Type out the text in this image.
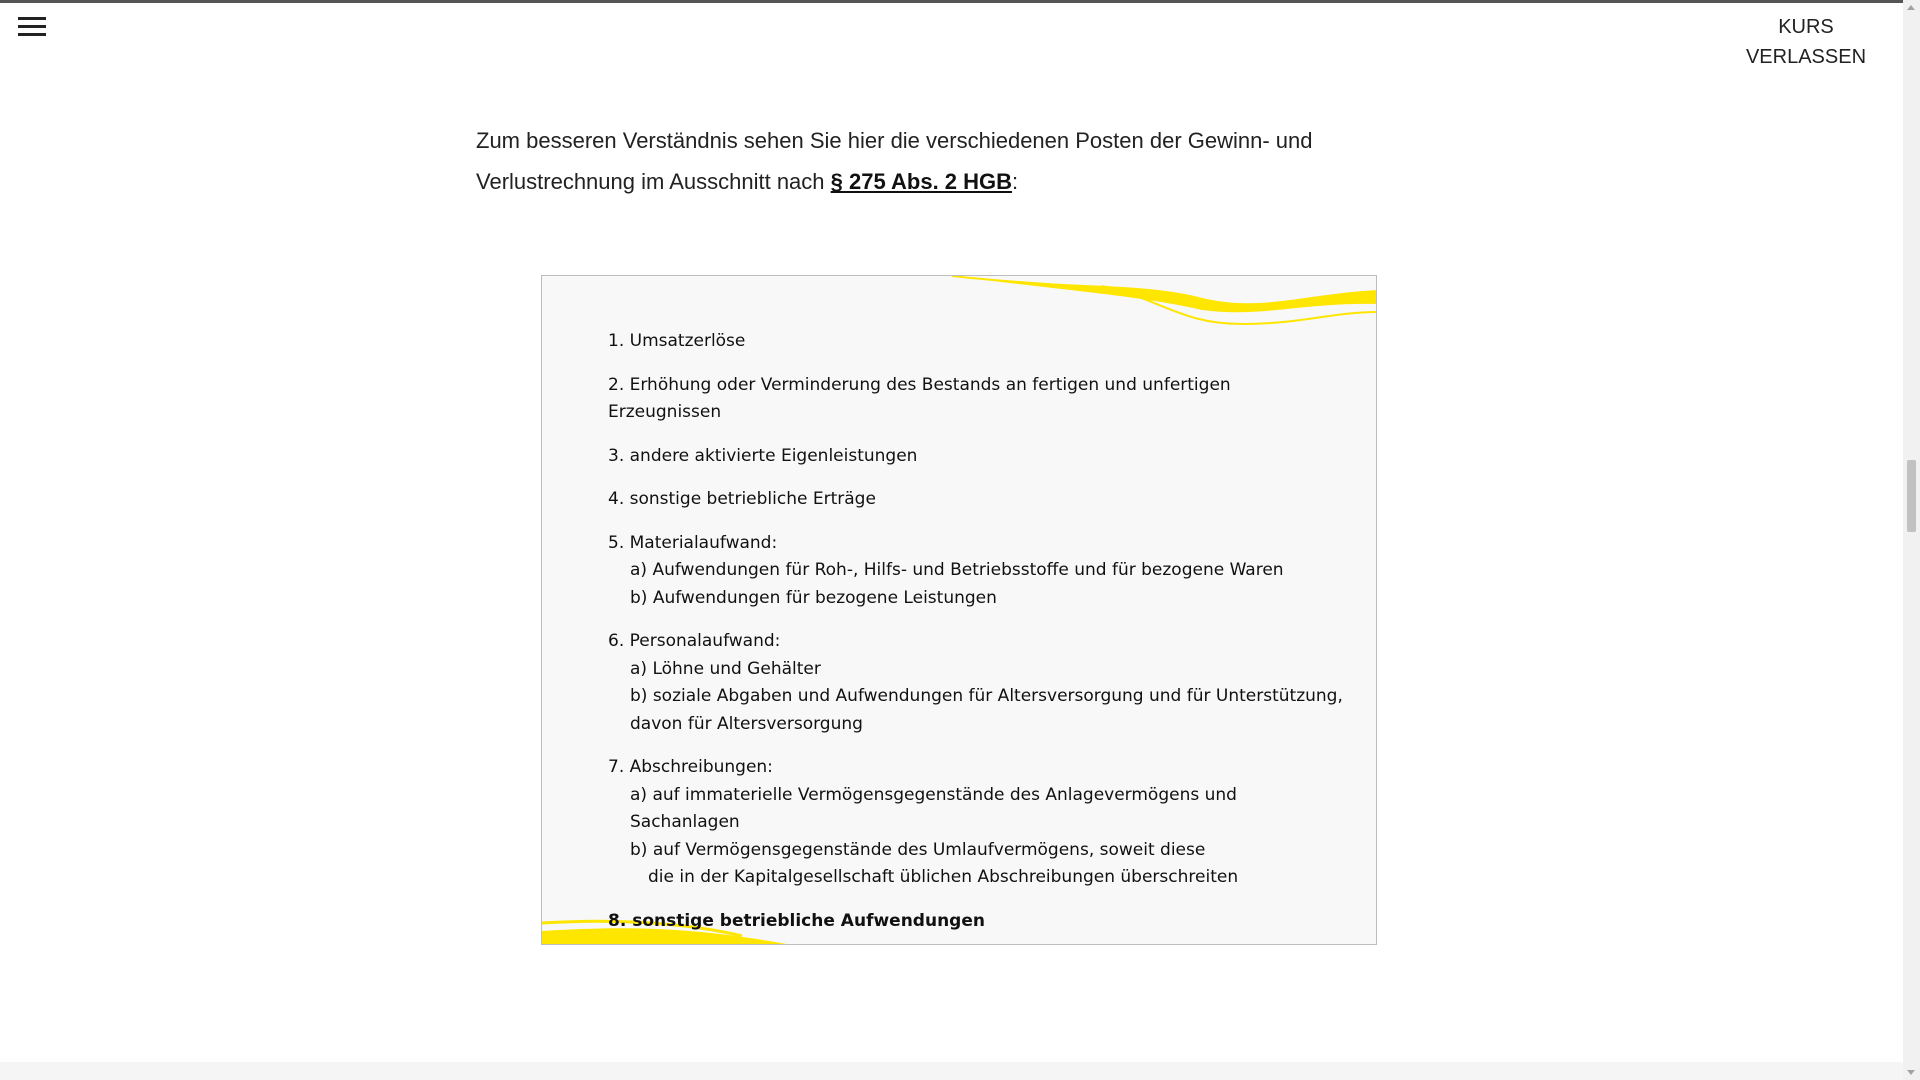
KURS VERLASSEN
Zum besseren Verständnis sehen Sie hier die verschiedenen Posten der Gewinn- und Verlustrechnung im Ausschnitt nach § 275 Abs. 2 HGB:
1. Umsatzerlöse
2. Erhöhung oder Verminderung des Bestands an fertigen und unfertigen Erzeugnissen
3. andere aktivierte Eigenleistungen
4. sonstige betriebliche Erträge
5. Materialaufwand:
a) Aufwendungen für Roh-, Hilfs- und Betriebsstoffe und für bezogene Waren
b) Aufwendungen für bezogene Leistungen
6. Personalaufwand:
a) Löhne und Gehälter
b) soziale Abgaben und Aufwendungen für Altersversorgung und für Unterstützung,
davon für Altersversorgung
7. Abschreibungen:
a) auf immaterielle Vermögensgegenstände des Anlagevermögens und Sachanlagen
b) auf Vermögensgegenstände des Umlaufvermögens, soweit diese
die in der Kapitalgesellschaft üblichen Abschreibungen überschreiten
8. sonstige betriebliche Aufwendungen
